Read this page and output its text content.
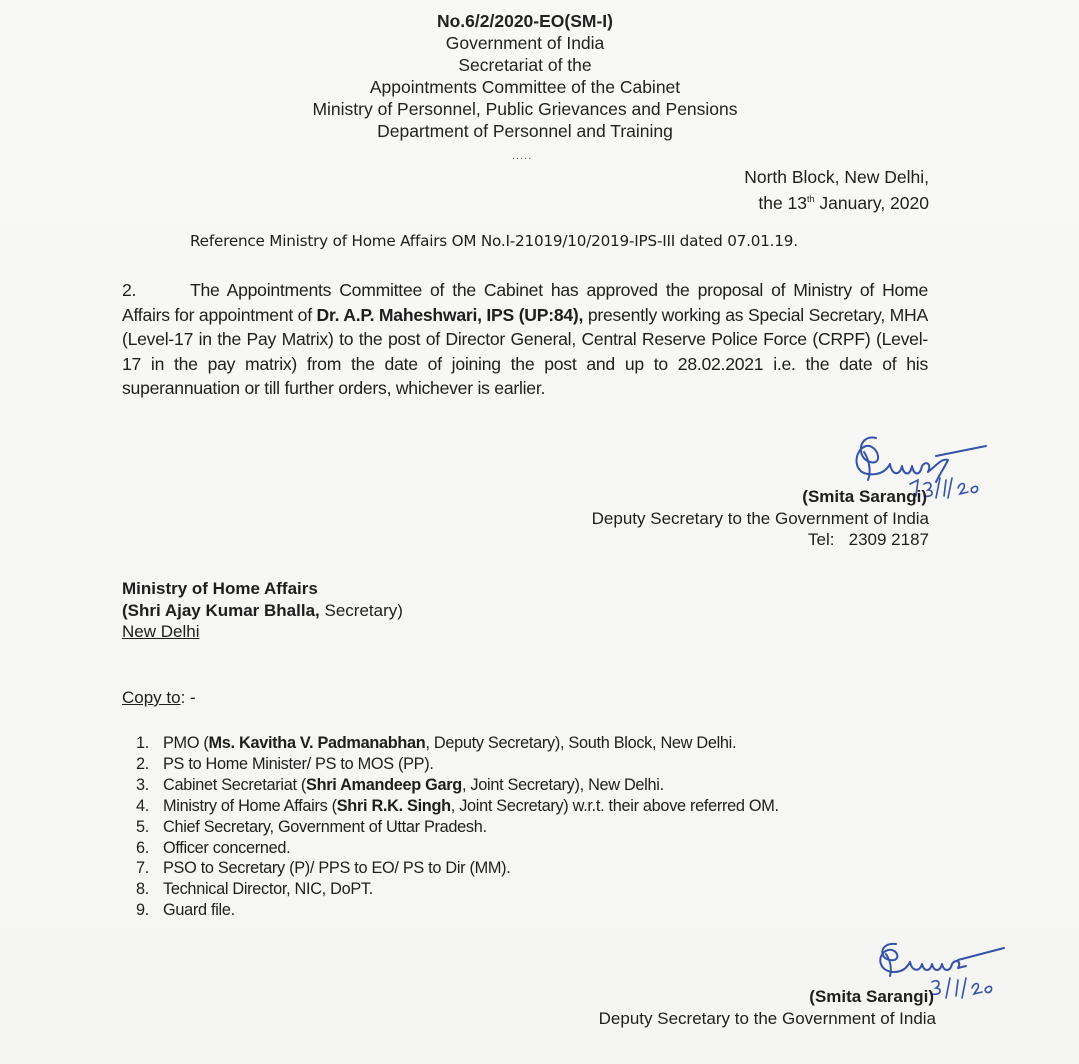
No.6/2/2020-EO(SM-I)
Government of India
Secretariat of the
Appointments Committee of the Cabinet
Ministry of Personnel, Public Grievances and Pensions
Department of Personnel and Training
.....
North Block, New Delhi,
the 13th January, 2020
Reference Ministry of Home Affairs OM No.I-21019/10/2019-IPS-III dated 07.01.19.
2.	The Appointments Committee of the Cabinet has approved the proposal of Ministry of Home Affairs for appointment of Dr. A.P. Maheshwari, IPS (UP:84), presently working as Special Secretary, MHA (Level-17 in the Pay Matrix) to the post of Director General, Central Reserve Police Force (CRPF) (Level-17 in the pay matrix) from the date of joining the post and up to 28.02.2021 i.e. the date of his superannuation or till further orders, whichever is earlier.
(Smita Sarangi)
Deputy Secretary to the Government of India
Tel:   2309 2187
Ministry of Home Affairs
(Shri Ajay Kumar Bhalla, Secretary)
New Delhi
Copy to: -
1. PMO (Ms. Kavitha V. Padmanabhan, Deputy Secretary), South Block, New Delhi.
2. PS to Home Minister/ PS to MOS (PP).
3. Cabinet Secretariat (Shri Amandeep Garg, Joint Secretary), New Delhi.
4. Ministry of Home Affairs (Shri R.K. Singh, Joint Secretary) w.r.t. their above referred OM.
5. Chief Secretary, Government of Uttar Pradesh.
6. Officer concerned.
7. PSO to Secretary (P)/ PPS to EO/ PS to Dir (MM).
8. Technical Director, NIC, DoPT.
9. Guard file.
(Smita Sarangi)
Deputy Secretary to the Government of India
